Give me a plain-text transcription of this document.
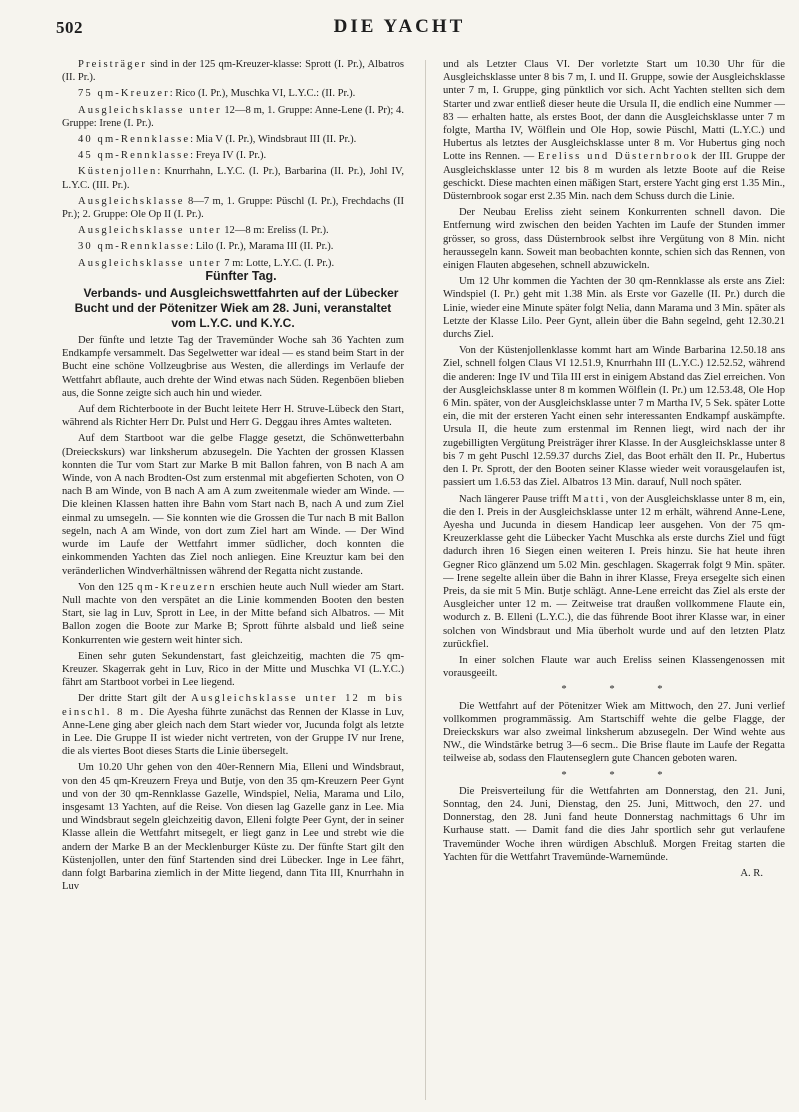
502	DIE YACHT

Preisträger sind in der 125 qm-Kreuzer-klasse: Sprott (I. Pr.), Albatros (II. Pr.).

75 qm-Kreuzer: Rico (I. Pr.), Muschka VI, L.Y.C.: (II. Pr.).

Ausgleichsklasse unter 12—8 m, 1. Gruppe: Anne-Lene (I. Pr); 4. Gruppe: Irene (I. Pr.).

40 qm-Rennklasse: Mia V (I. Pr.), Windsbraut III (II. Pr.).

45 qm-Rennklasse: Freya IV (I. Pr.).

Küstenjollen: Knurrhahn, L.Y.C. (I. Pr.), Barbarina (II. Pr.), Johl IV, L.Y.C. (III. Pr.).

Ausgleichsklasse 8—7 m, 1. Gruppe: Püschl (I. Pr.), Frechdachs (II Pr.); 2. Gruppe: Ole Op II (I. Pr.).

Ausgleichsklasse unter 12—8 m: Ereliss (I. Pr.).

30 qm-Rennklasse: Lilo (I. Pr.), Marama III (II. Pr.).

Ausgleichsklasse unter 7 m: Lotte, L.Y.C. (I. Pr.).

Fünfter Tag.

Verbands- und Ausgleichswettfahrten auf der Lübecker Bucht und der Pötenitzer Wiek am 28. Juni, veranstaltet vom L.Y.C. und K.Y.C.

Der fünfte und letzte Tag der Travemünder Woche sah 36 Yachten zum Endkampfe versammelt. Das Segelwetter war ideal — es stand beim Start in der Bucht eine schöne Vollzeugbrise aus Westen, die allerdings im Verlaufe der Wettfahrt abflaute, auch drehte der Wind etwas nach Süden. Regenböen blieben aus, die Sonne zeigte sich auch hin und wieder.

Auf dem Richterboote in der Bucht leitete Herr H. Struve-Lübeck den Start, während als Richter Herr Dr. Pulst und Herr G. Deggau ihres Amtes walteten.

Auf dem Startboot war die gelbe Flagge gesetzt, die Schönwetterbahn (Dreieckskurs) war linksherum abzusegeln. Die Yachten der grossen Klassen konnten die Tur vom Start zur Marke B mit Ballon fahren, von B nach A am Winde, von A nach Brodten-Ost zum erstenmal mit abgefierten Schoten, von O nach B am Winde, von B nach A am A zum zweitenmale wieder am Winde. — Die kleinen Klassen hatten ihre Bahn vom Start nach B, nach A und zum Ziel einmal zu umsegeln. — Sie konnten wie die Grossen die Tur nach B mit Ballon segeln, nach A am Winde, von dort zum Ziel hart am Winde. — Der Wind wurde im Laufe der Wettfahrt immer südlicher, doch konnten die einkommenden Yachten das Ziel noch anliegen. Eine Kreuztur kam bei den veränderlichen Windverhältnissen während der Regatta nicht zustande.

Von den 125 qm-Kreuzern erschien heute auch Null wieder am Start. Null machte von den verspätet an die Linie kommenden Booten den besten Start, sie lag in Luv, Sprott in Lee, in der Mitte befand sich Albatros. — Mit Ballon zogen die Boote zur Marke B; Sprott führte alsbald und ließ seine Konkurrenten wie gestern weit hinter sich.

Einen sehr guten Sekundenstart, fast gleichzeitig, machten die 75 qm-Kreuzer. Skagerrak geht in Luv, Rico in der Mitte und Muschka VI (L.Y.C.) fährt am Startboot vorbei in Lee liegend.

Der dritte Start gilt der Ausgleichsklasse unter 12 m bis einschl. 8 m. Die Ayesha führte zunächst das Rennen der Klasse in Luv, Anne-Lene ging aber gleich nach dem Start wieder vor, Jucunda folgt als letzte in Lee. Die Gruppe II ist wieder nicht vertreten, von der Gruppe IV nur Irene, die als viertes Boot dieses Starts die Linie übersegelt.

Um 10.20 Uhr gehen von den 40er-Rennern Mia, Elleni und Windsbraut, von den 45 qm-Kreuzern Freya und Butje, von den 35 qm-Kreuzern Peer Gynt und von der 30 qm-Rennklasse Gazelle, Windspiel, Nelia, Marama und Lilo, insgesamt 13 Yachten, auf die Reise. Von diesen lag Gazelle ganz in Lee. Mia und Windsbraut segeln gleichzeitig davon, Elleni folgte Peer Gynt, der in seiner Klasse allein die Wettfahrt mitsegelt, er liegt ganz in Lee und strebt wie die andern der Marke B an der Mecklenburger Küste zu. Der fünfte Start gilt den Küstenjollen, unter den fünf Startenden sind drei Lübecker. Inge in Lee fährt, dann folgt Barbarina ziemlich in der Mitte liegend, dann Tita III, Knurrhahn in Luv

und als Letzter Claus VI. Der vorletzte Start um 10.30 Uhr für die Ausgleichsklasse unter 8 bis 7 m, I. und II. Gruppe, sowie der Ausgleichsklasse unter 7 m, I. Gruppe, ging pünktlich vor sich. Acht Yachten stellten sich dem Starter und zwar entließ dieser heute die Ursula II, die endlich eine Nummer — 83 — erhalten hatte, als erstes Boot, der dann die Ausgleichsklasse unter 7 m folgte, Martha IV, Wölflein und Ole Hop, sowie Püschl, Matti (L.Y.C.) und Hubertus als letztes der Ausgleichsklasse unter 8 m. Vor Hubertus ging noch Lotte ins Rennen. — Ereliss und Düsternbrook der III. Gruppe der Ausgleichsklasse unter 12 bis 8 m wurden als letzte Boote auf die Reise geschickt. Diese machten einen mäßigen Start, erstere Yacht ging erst 1.35 Min., Düsternbrook sogar erst 2.35 Min. nach dem Schuss durch die Linie.

Der Neubau Ereliss zieht seinem Konkurrenten schnell davon. Die Entfernung wird zwischen den beiden Yachten im Laufe der Stunden immer grösser, so gross, dass Düsternbrook selbst ihre Vergütung von 8 Min. nicht heraussegeln kann. Soweit man beobachten konnte, schien sich das Rennen, von einigen Flauten abgesehen, schnell abzuwickeln.

Um 12 Uhr kommen die Yachten der 30 qm-Rennklasse als erste ans Ziel: Windspiel (I. Pr.) geht mit 1.38 Min. als Erste vor Gazelle (II. Pr.) durch die Linie, wieder eine Minute später folgt Nelia, dann Marama und 3 Min. später als Letzte der Klasse Lilo. Peer Gynt, allein über die Bahn segelnd, geht 12.30.21 durchs Ziel.

Von der Küstenjollenklasse kommt hart am Winde Barbarina 12.50.18 ans Ziel, schnell folgen Claus VI 12.51.9, Knurrhahn III (L.Y.C.) 12.52.52, während die anderen: Inge IV und Tila III erst in einigem Abstand das Ziel erreichen. Von der Ausgleichsklasse unter 8 m kommen Wölflein (I. Pr.) um 12.53.48, Ole Hop 6 Min. später, von der Ausgleichsklasse unter 7 m Martha IV, 5 Sek. später Lotte ein, die mit der ersteren Yacht einen sehr interessanten Endkampf auskämpfte. Ursula II, die heute zum erstenmal im Rennen liegt, wird nach der ihr zugebilligten Vergütung Preisträger ihrer Klasse. In der Ausgleichsklasse unter 8 bis 7 m geht Puschl 12.59.37 durchs Ziel, das Boot erhält den II. Pr., Hubertus den I. Pr. Sprott, der den Booten seiner Klasse wieder weit vorausgelaufen ist, passiert um 1.6.53 das Ziel. Albatros 13 Min. darauf, Null noch später.

Nach längerer Pause trifft Matti, von der Ausgleichsklasse unter 8 m, ein, die den I. Preis in der Ausgleichsklasse unter 12 m erhält, während Anne-Lene, Ayesha und Jucunda in diesem Handicap leer ausgehen. Von der 75 qm-Kreuzerklasse geht die Lübecker Yacht Muschka als erste durchs Ziel und fügt dadurch ihren 16 Siegen einen weiteren I. Preis hinzu. Sie hat heute ihren Gegner Rico glänzend um 5.02 Min. geschlagen. Skagerrak folgt 9 Min. später. — Irene segelte allein über die Bahn in ihrer Klasse, Freya ersegelte sich einen Preis, da sie mit 5 Min. Butje schlägt. Anne-Lene erreicht das Ziel als erste der Ausgleicher unter 12 m. — Zeitweise trat draußen vollkommene Flaute ein, wodurch z. B. Elleni (L.Y.C.), die das führende Boot ihrer Klasse war, in einer solchen von Windsbraut und Mia überholt wurde und auf den letzten Platz zurückfiel.

In einer solchen Flaute war auch Ereliss seinen Klassengenossen mit vorausgeeilt.

* * *

Die Wettfahrt auf der Pötenitzer Wiek am Mittwoch, den 27. Juni verlief vollkommen programmässig. Am Startschiff wehte die gelbe Flagge, der Dreieckskurs war also zweimal linksherum abzusegeln. Der Wind wehte aus NW., die Windstärke betrug 3—6 secm.. Die Brise flaute im Laufe der Regatta teilweise ab, sodass den Flautenseglern gute Chancen geboten waren.

* * *

Die Preisverteilung für die Wettfahrten am Donnerstag, den 21. Juni, Sonntag, den 24. Juni, Dienstag, den 25. Juni, Mittwoch, den 27. und Donnerstag, den 28. Juni fand heute Donnerstag nachmittags 6 Uhr im Kurhause statt. — Damit fand die dies Jahr sportlich sehr gut verlaufene Travemünder Woche ihren würdigen Abschluß. Morgen Freitag starten die Yachten für die Wettfahrt Travemünde-Warnemünde.

A. R.
